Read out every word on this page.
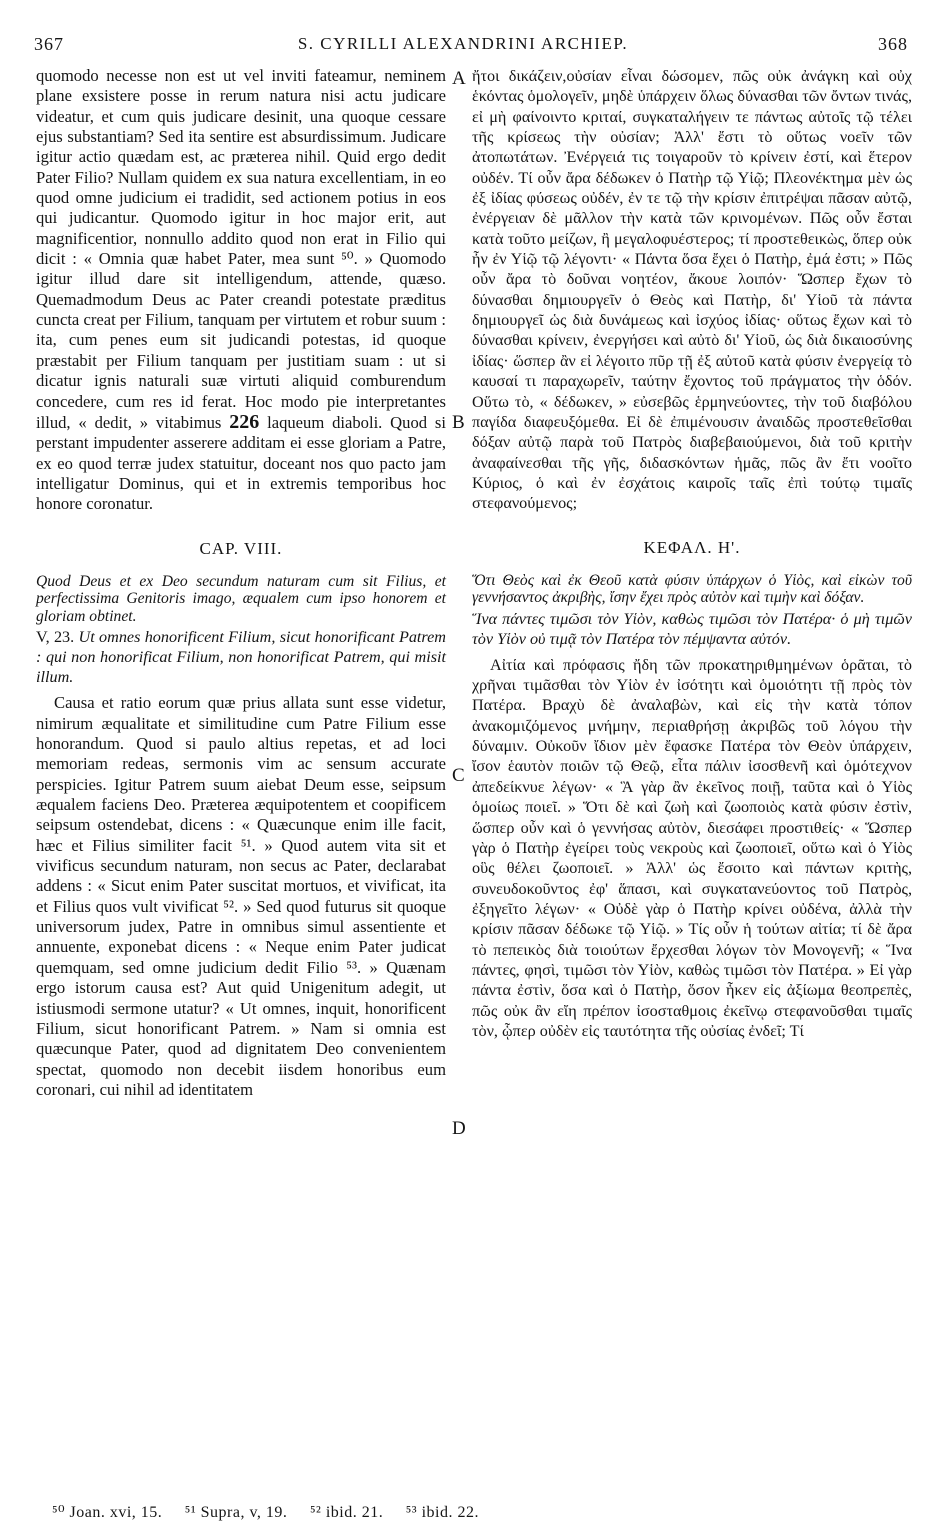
S. CYRILLI ALEXANDRINI ARCHIEP.
367	368
A
B
C
D

quomodo necesse non est ut vel inviti fateamur, neminem plane exsistere posse in rerum natura nisi actu judicare videatur, et cum quis judicare desinit, una quoque cessare ejus substantiam? Sed ita sentire est absurdissimum. Judicare igitur actio quædam est, ac præterea nihil. Quid ergo dedit Pater Filio? Nullam quidem ex sua natura excellentiam, in eo quod omne judicium ei tradidit, sed actionem potius in eos qui judicantur. Quomodo igitur in hoc major erit, aut magnificentior, nonnullo addito quod non erat in Filio qui dicit : « Omnia quæ habet Pater, mea sunt ⁵⁰. » Quomodo igitur illud dare sit intelligendum, attende, quæso. Quemadmodum Deus ac Pater creandi potestate præditus cuncta creat per Filium, tanquam per virtutem et robur suum : ita, cum penes eum sit judicandi potestas, id quoque præstabit per Filium tanquam per justitiam suam : ut si dicatur ignis naturali suæ virtuti aliquid comburendum concedere, cum res id ferat. Hoc modo pie interpretantes illud, « dedit, » vitabimus 226 laqueum diaboli. Quod si perstant impudenter asserere additam ei esse gloriam a Patre, ex eo quod terræ judex statuitur, doceant nos quo pacto jam intelligatur Dominus, qui et in extremis temporibus hoc honore coronatur.

CAP. VIII.

Quod Deus et ex Deo secundum naturam cum sit Filius, et perfectissima Genitoris imago, æqualem cum ipso honorem et gloriam obtinet.

V, 23. Ut omnes honorificent Filium, sicut honorificant Patrem : qui non honorificat Filium, non honorificat Patrem, qui misit illum.

Causa et ratio eorum quæ prius allata sunt esse videtur, nimirum æqualitate et similitudine cum Patre Filium esse honorandum. Quod si paulo altius repetas, et ad loci memoriam redeas, sermonis vim ac sensum accurate perspicies. Igitur Patrem suum aiebat Deum esse, seipsum æqualem faciens Deo. Præterea æquipotentem et coopificem seipsum ostendebat, dicens : « Quæcunque enim ille facit, hæc et Filius similiter facit ⁵¹. » Quod autem vita sit et vivificus secundum naturam, non secus ac Pater, declarabat addens : « Sicut enim Pater suscitat mortuos, et vivificat, ita et Filius quos vult vivificat ⁵². » Sed quod futurus sit quoque universorum judex, Patre in omnibus simul assentiente et annuente, exponebat dicens : « Neque enim Pater judicat quemquam, sed omne judicium dedit Filio ⁵³. » Quænam ergo istorum causa est? Aut quid Unigenitum adegit, ut istiusmodi sermone utatur? « Ut omnes, inquit, honorificent Filium, sicut honorificant Patrem. » Nam si omnia est quæcunque Pater, quod ad dignitatem Deo convenientem spectat, quomodo non decebit iisdem honoribus eum coronari, cui nihil ad identitatem

ἤτοι δικάζειν,οὐσίαν εἶναι δώσομεν, πῶς οὐκ ἀνάγκη καὶ οὐχ ἑκόντας ὁμολογεῖν, μηδὲ ὑπάρχειν ὅλως δύνασθαι τῶν ὄντων τινάς, εἰ μὴ φαίνοιντο κριταί, συγκαταλήγειν τε πάντως αὐτοῖς τῷ τέλει τῆς κρίσεως τὴν οὐσίαν; Ἀλλ' ἔστι τὸ οὕτως νοεῖν τῶν ἀτοπωτάτων. Ἐνέργειά τις τοιγαροῦν τὸ κρίνειν ἐστί, καὶ ἕτερον οὐδέν. Τί οὖν ἄρα δέδωκεν ὁ Πατὴρ τῷ Υἱῷ; Πλεονέκτημα μὲν ὡς ἐξ ἰδίας φύσεως οὐδέν, ἐν τε τῷ τὴν κρίσιν ἐπιτρέψαι πᾶσαν αὐτῷ, ἐνέργειαν δὲ μᾶλλον τὴν κατὰ τῶν κρινομένων. Πῶς οὖν ἔσται κατὰ τοῦτο μείζων, ἢ μεγαλοφυέστερος; τί προστεθεικὼς, ὅπερ οὐκ ἦν ἐν Υἱῷ τῷ λέγοντι· « Πάντα ὅσα ἔχει ὁ Πατὴρ, ἐμά ἐστι; » Πῶς οὖν ἄρα τὸ δοῦναι νοητέον, ἄκουε λοιπόν· Ὥσπερ ἔχων τὸ δύνασθαι δημιουργεῖν ὁ Θεὸς καὶ Πατὴρ, δι' Υἱοῦ τὰ πάντα δημιουργεῖ ὡς διὰ δυνάμεως καὶ ἰσχύος ἰδίας· οὕτως ἔχων καὶ τὸ δύνασθαι κρίνειν, ἐνεργήσει καὶ αὐτὸ δι' Υἱοῦ, ὡς διὰ δικαιοσύνης ἰδίας· ὥσπερ ἂν εἰ λέγοιτο πῦρ τῇ ἐξ αὐτοῦ κατὰ φύσιν ἐνεργείᾳ τὸ καυσαί τι παραχωρεῖν, ταύτην ἔχοντος τοῦ πράγματος τὴν ὁδόν. Οὕτω τὸ, « δέδωκεν, » εὐσεβῶς ἑρμηνεύοντες, τὴν τοῦ διαβόλου παγίδα διαφευξόμεθα. Εἰ δὲ ἐπιμένουσιν ἀναιδῶς προστεθεῖσθαι δόξαν αὐτῷ παρὰ τοῦ Πατρὸς διαβεβαιούμενοι, διὰ τοῦ κριτὴν ἀναφαίνεσθαι τῆς γῆς, διδασκόντων ἡμᾶς, πῶς ἂν ἔτι νοοῖτο Κύριος, ὁ καὶ ἐν ἐσχάτοις καιροῖς ταῖς ἐπὶ τούτῳ τιμαῖς στεφανούμενος;

ΚΕΦΑΛ. Η'.

Ὅτι Θεὸς καὶ ἐκ Θεοῦ κατὰ φύσιν ὑπάρχων ὁ Υἱὸς, καὶ εἰκὼν τοῦ γεννήσαντος ἀκριβὴς, ἴσην ἔχει πρὸς αὐτὸν καὶ τιμὴν καὶ δόξαν.

Ἵνα πάντες τιμῶσι τὸν Υἱὸν, καθὼς τιμῶσι τὸν Πατέρα· ὁ μὴ τιμῶν τὸν Υἱὸν οὐ τιμᾷ τὸν Πατέρα τὸν πέμψαντα αὐτόν.

Αἰτία καὶ πρόφασις ἤδη τῶν προκατηριθμημένων ὁρᾶται, τὸ χρῆναι τιμᾶσθαι τὸν Υἱὸν ἐν ἰσότητι καὶ ὁμοιότητι τῇ πρὸς τὸν Πατέρα. Βραχὺ δὲ ἀναλαβὼν, καὶ εἰς τὴν κατὰ τόπον ἀνακομιζόμενος μνήμην, περιαθρήσῃ ἀκριβῶς τοῦ λόγου τὴν δύναμιν. Οὐκοῦν ἴδιον μὲν ἔφασκε Πατέρα τὸν Θεὸν ὑπάρχειν, ἴσον ἑαυτὸν ποιῶν τῷ Θεῷ, εἶτα πάλιν ἰσοσθενῆ καὶ ὁμότεχνον ἀπεδείκνυε λέγων· « Ἃ γὰρ ἂν ἐκεῖνος ποιῇ, ταῦτα καὶ ὁ Υἱὸς ὁμοίως ποιεῖ. » Ὅτι δὲ καὶ ζωὴ καὶ ζωοποιὸς κατὰ φύσιν ἐστὶν, ὥσπερ οὖν καὶ ὁ γεννήσας αὐτὸν, διεσάφει προστιθείς· « Ὥσπερ γὰρ ὁ Πατὴρ ἐγείρει τοὺς νεκροὺς καὶ ζωοποιεῖ, οὕτω καὶ ὁ Υἱὸς οὓς θέλει ζωοποιεῖ. » Ἀλλ' ὡς ἔσοιτο καὶ πάντων κριτὴς, συνευδοκοῦντος ἐφ' ἅπασι, καὶ συγκατανεύοντος τοῦ Πατρὸς, ἐξηγεῖτο λέγων· « Οὐδὲ γὰρ ὁ Πατὴρ κρίνει οὐδένα, ἀλλὰ τὴν κρίσιν πᾶσαν δέδωκε τῷ Υἱῷ. » Τίς οὖν ἡ τούτων αἰτία; τί δὲ ἄρα τὸ πεπεικὸς διὰ τοιούτων ἔρχεσθαι λόγων τὸν Μονογενῆ; « Ἵνα πάντες, φησὶ, τιμῶσι τὸν Υἱὸν, καθὼς τιμῶσι τὸν Πατέρα. » Εἰ γὰρ πάντα ἐστὶν, ὅσα καὶ ὁ Πατὴρ, ὅσον ἧκεν εἰς ἀξίωμα θεοπρεπὲς, πῶς οὐκ ἂν εἴη πρέπον ἰσοσταθμοις ἐκεῖνῳ στεφανοῦσθαι τιμαῖς τὸν, ᾧπερ οὐδὲν εἰς ταυτότητα τῆς οὐσίας ἐνδεῖ; Τί

⁵⁰ Joan. xvi, 15. ⁵¹ Supra, v, 19. ⁵² ibid. 21. ⁵³ ibid. 22.
